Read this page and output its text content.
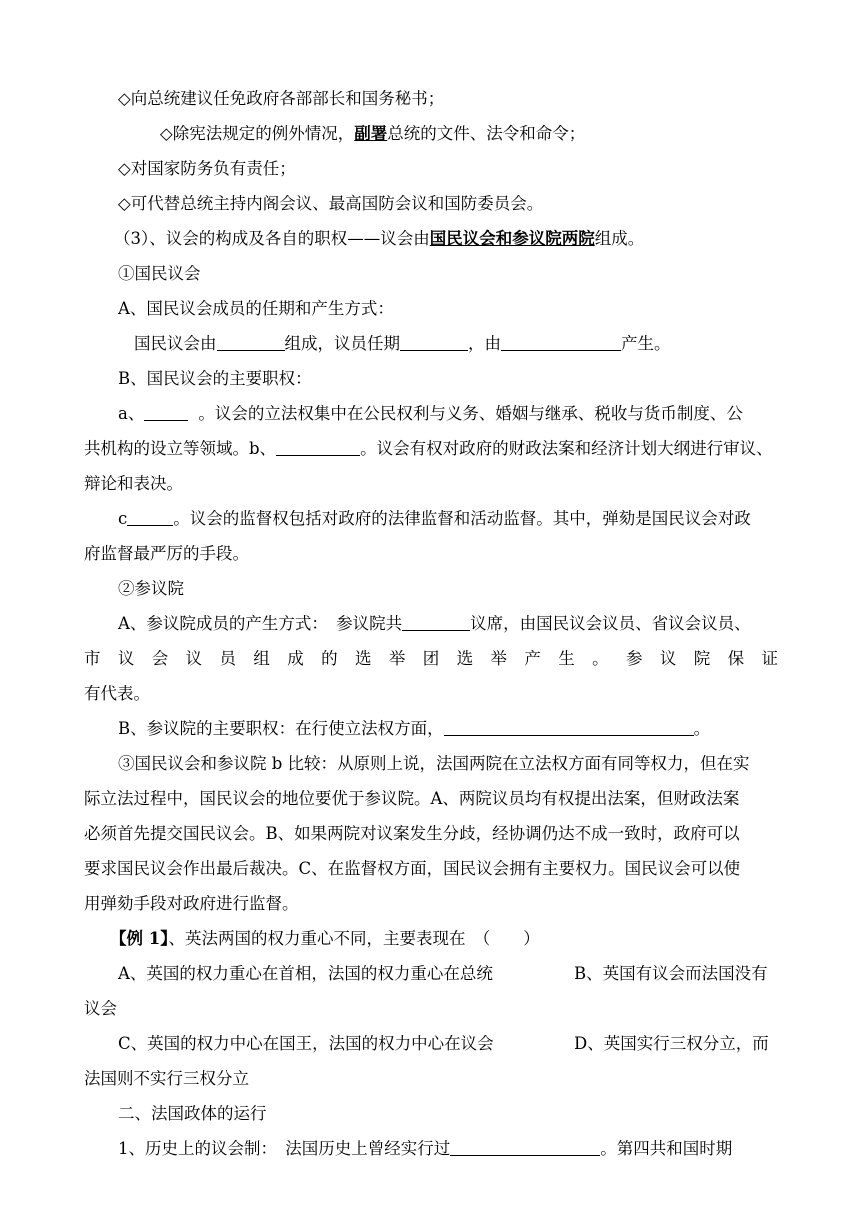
◇向总统建议任免政府各部部长和国务秘书；
◇除宪法规定的例外情况，副署总统的文件、法令和命令；
◇对国家防务负有责任；
◇可代替总统主持内阁会议、最高国防会议和国防委员会。
（3）、议会的构成及各自的职权——议会由国民议会和参议院两院组成。
①国民议会
A、国民议会成员的任期和产生方式：
国民议会由	组成，议员任期	，由	产生。
B、国民议会的主要职权：
a、	。议会的立法权集中在公民权利与义务、婚姻与继承、税收与货币制度、公
共机构的设立等领域。b、	。议会有权对政府的财政法案和经济计划大纲进行审议、
辩论和表决。
c	。议会的监督权包括对政府的法律监督和活动监督。其中，弹劾是国民议会对政
府监督最严厉的手段。
②参议院
A、参议院成员的产生方式：　参议院共	议席，由国民议会议员、省议会议员、
市 议 会 议 员 组 成 的 选 举 团 选 举 产 生 。 参 议 院 保 证
有代表。
B、参议院的主要职权：在行使立法权方面，	。
③国民议会和参议院 b 比较：从原则上说，法国两院在立法权方面有同等权力，但在实
际立法过程中，国民议会的地位要优于参议院。A、两院议员均有权提出法案，但财政法案
必须首先提交国民议会。B、如果两院对议案发生分歧，经协调仍达不成一致时，政府可以
要求国民议会作出最后裁决。C、在监督权方面，国民议会拥有主要权力。国民议会可以使
用弹劾手段对政府进行监督。
【例 1】、英法两国的权力重心不同，主要表现在　（　　）
A、英国的权力重心在首相，法国的权力重心在总统	B、英国有议会而法国没有
议会
C、英国的权力中心在国王，法国的权力中心在议会	D、英国实行三权分立，而
法国则不实行三权分立
二、法国政体的运行
1、历史上的议会制：　法国历史上曾经实行过	。第四共和国时期
